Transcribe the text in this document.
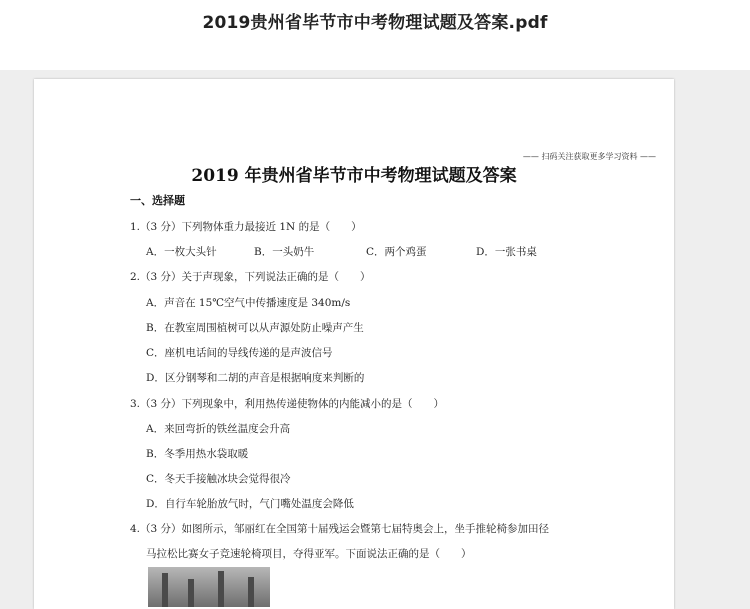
2019贵州省毕节市中考物理试题及答案.pdf
—— 扫码关注获取更多学习资料 ——
2019 年贵州省毕节市中考物理试题及答案
一、选择题
1.（3 分）下列物体重力最接近 1N 的是（　　）
A．一枚大头针	B．一头奶牛	C．两个鸡蛋	D．一张书桌
2.（3 分）关于声现象，下列说法正确的是（　　）
A．声音在 15℃空气中传播速度是 340m/s
B．在教室周围植树可以从声源处防止噪声产生
C．座机电话间的导线传递的是声波信号
D．区分钢琴和二胡的声音是根据响度来判断的
3.（3 分）下列现象中，利用热传递使物体的内能减小的是（　　）
A．来回弯折的铁丝温度会升高
B．冬季用热水袋取暖
C．冬天手接触冰块会觉得很冷
D．自行车轮胎放气时，气门嘴处温度会降低
4.（3 分）如图所示，邹丽红在全国第十届残运会暨第七届特奥会上，坐手推轮椅参加田径
马拉松比赛女子竞速轮椅项目，夺得亚军。下面说法正确的是（　　）
